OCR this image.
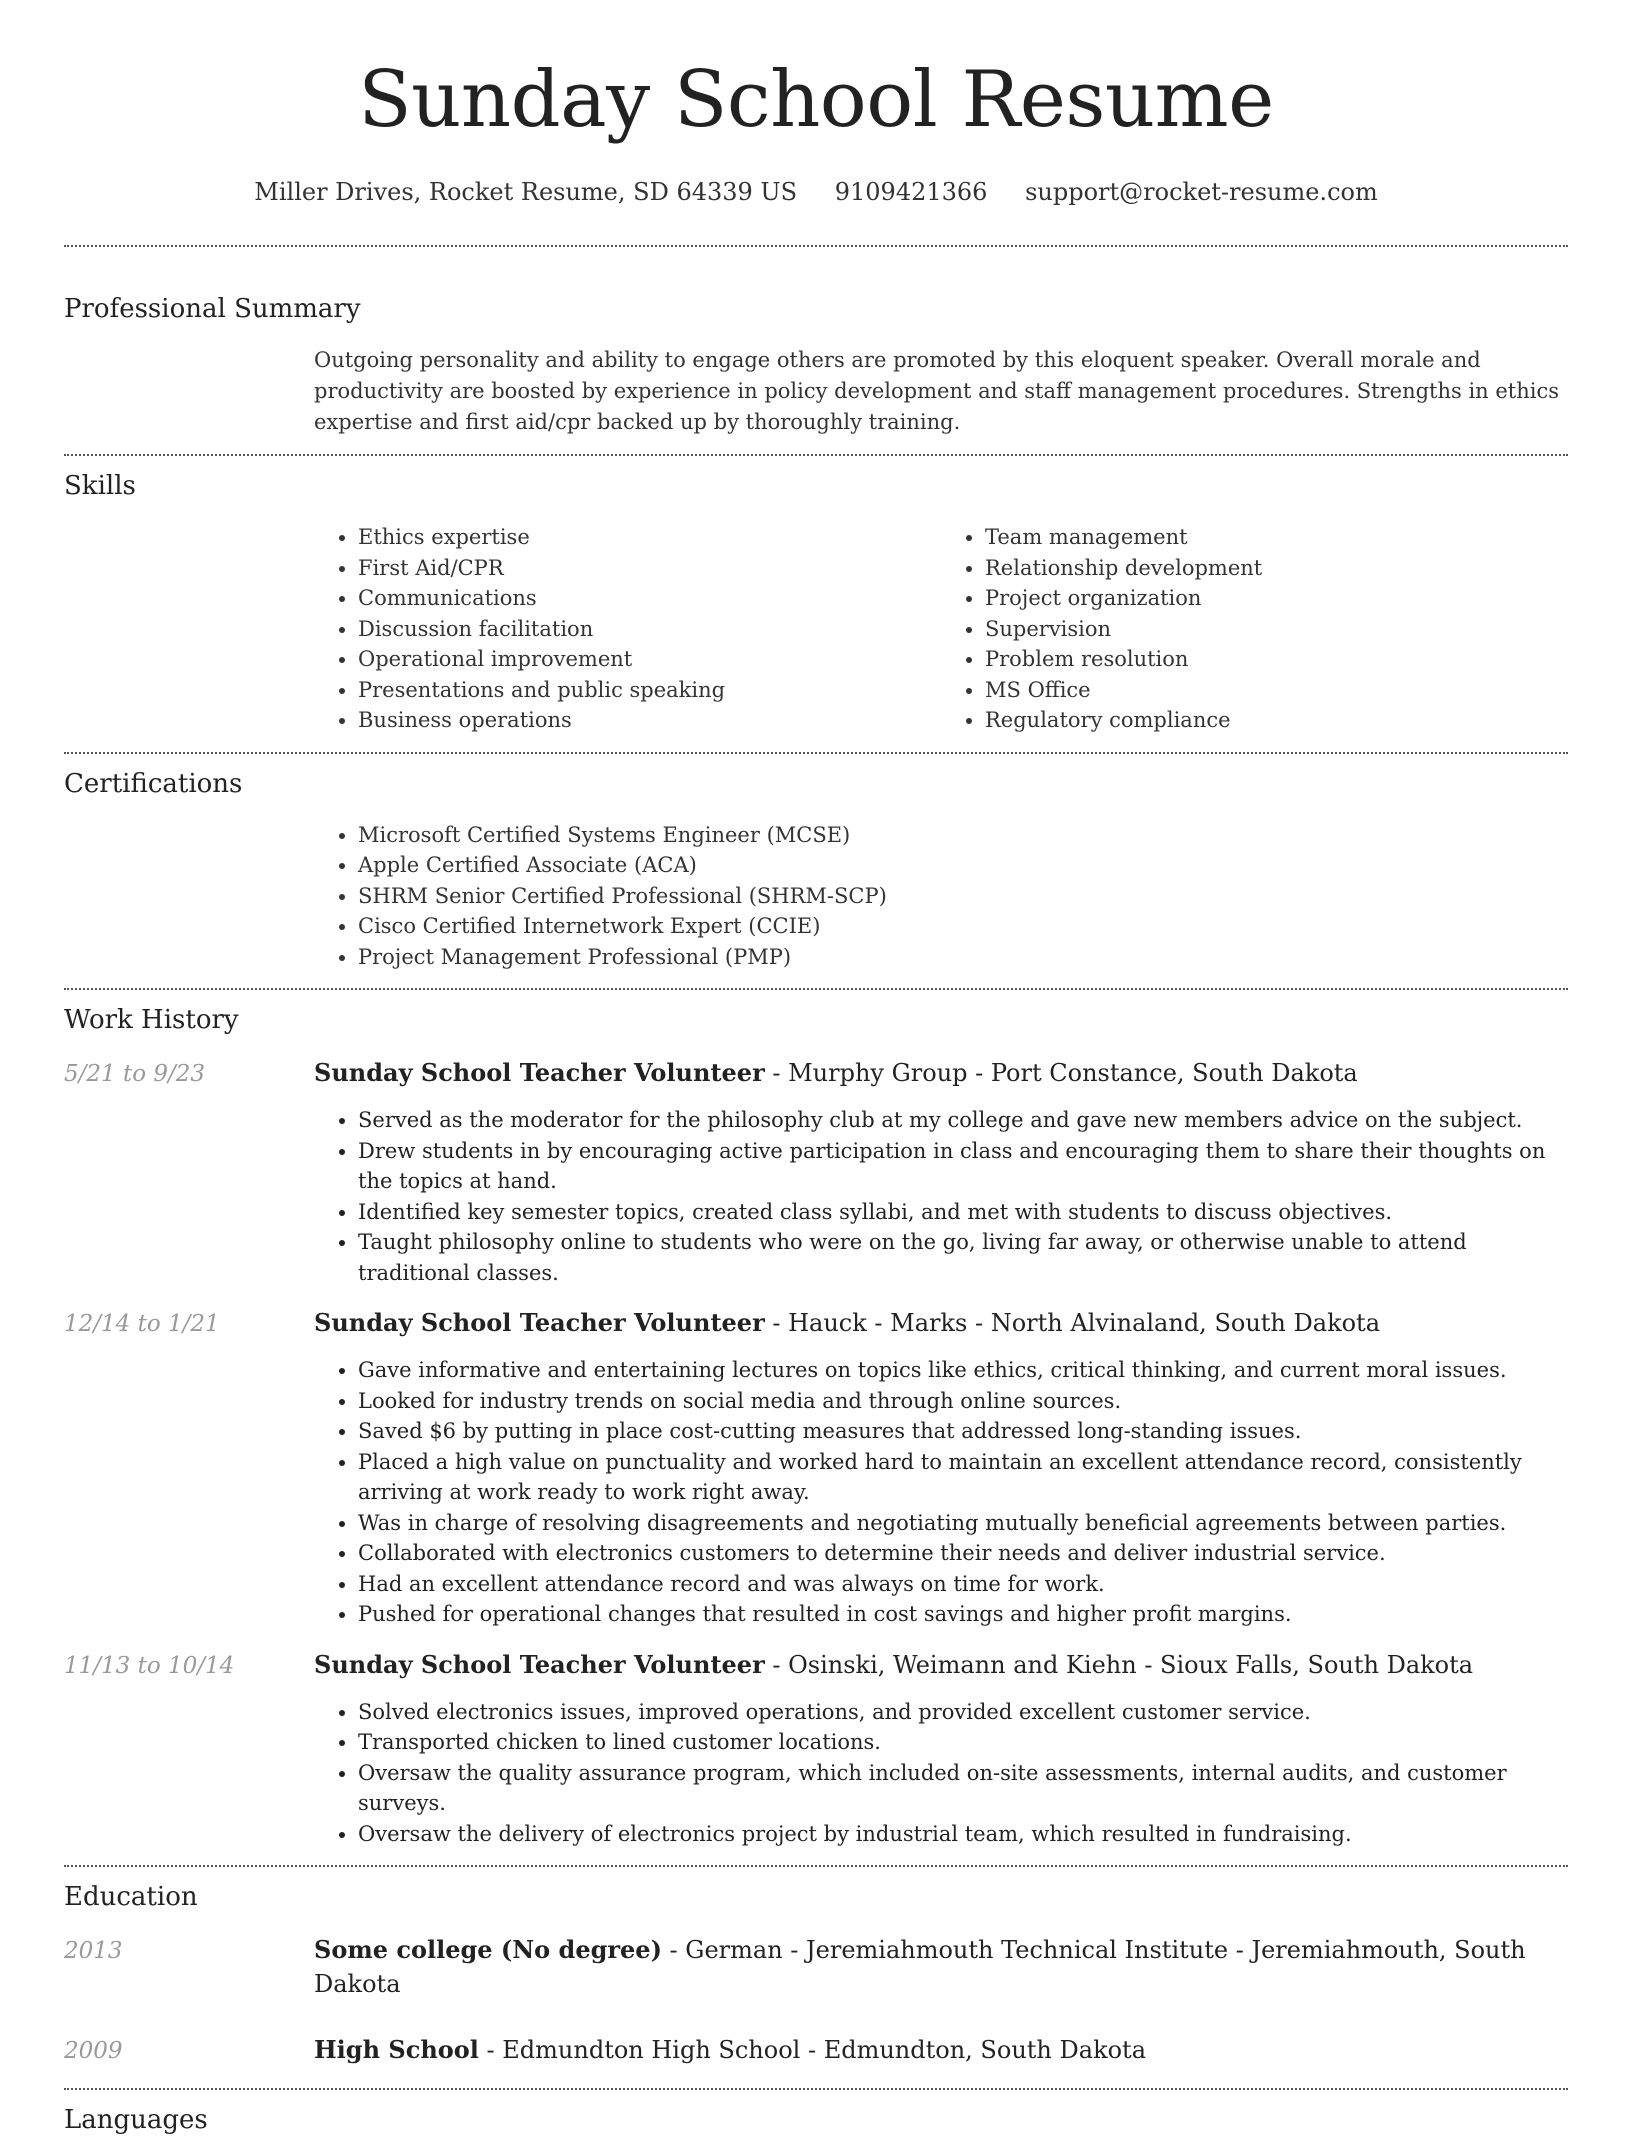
Sunday School Resume
Miller Drives, Rocket Resume, SD 64339 US 9109421366 support@rocket-resume.com
Professional Summary
Outgoing personality and ability to engage others are promoted by this eloquent speaker. Overall morale and productivity are boosted by experience in policy development and staff management procedures. Strengths in ethics expertise and first aid/cpr backed up by thoroughly training.
Skills
• Ethics expertise
• First Aid/CPR
• Communications
• Discussion facilitation
• Operational improvement
• Presentations and public speaking
• Business operations
• Team management
• Relationship development
• Project organization
• Supervision
• Problem resolution
• MS Office
• Regulatory compliance
Certifications
• Microsoft Certified Systems Engineer (MCSE)
• Apple Certified Associate (ACA)
• SHRM Senior Certified Professional (SHRM-SCP)
• Cisco Certified Internetwork Expert (CCIE)
• Project Management Professional (PMP)
Work History
5/21 to 9/23	Sunday School Teacher Volunteer - Murphy Group - Port Constance, South Dakota
• Served as the moderator for the philosophy club at my college and gave new members advice on the subject.
• Drew students in by encouraging active participation in class and encouraging them to share their thoughts on the topics at hand.
• Identified key semester topics, created class syllabi, and met with students to discuss objectives.
• Taught philosophy online to students who were on the go, living far away, or otherwise unable to attend traditional classes.
12/14 to 1/21	Sunday School Teacher Volunteer - Hauck - Marks - North Alvinaland, South Dakota
• Gave informative and entertaining lectures on topics like ethics, critical thinking, and current moral issues.
• Looked for industry trends on social media and through online sources.
• Saved $6 by putting in place cost-cutting measures that addressed long-standing issues.
• Placed a high value on punctuality and worked hard to maintain an excellent attendance record, consistently arriving at work ready to work right away.
• Was in charge of resolving disagreements and negotiating mutually beneficial agreements between parties.
• Collaborated with electronics customers to determine their needs and deliver industrial service.
• Had an excellent attendance record and was always on time for work.
• Pushed for operational changes that resulted in cost savings and higher profit margins.
11/13 to 10/14	Sunday School Teacher Volunteer - Osinski, Weimann and Kiehn - Sioux Falls, South Dakota
• Solved electronics issues, improved operations, and provided excellent customer service.
• Transported chicken to lined customer locations.
• Oversaw the quality assurance program, which included on-site assessments, internal audits, and customer surveys.
• Oversaw the delivery of electronics project by industrial team, which resulted in fundraising.
Education
2013	Some college (No degree) - German - Jeremiahmouth Technical Institute - Jeremiahmouth, South Dakota
2009	High School - Edmundton High School - Edmundton, South Dakota
Languages
